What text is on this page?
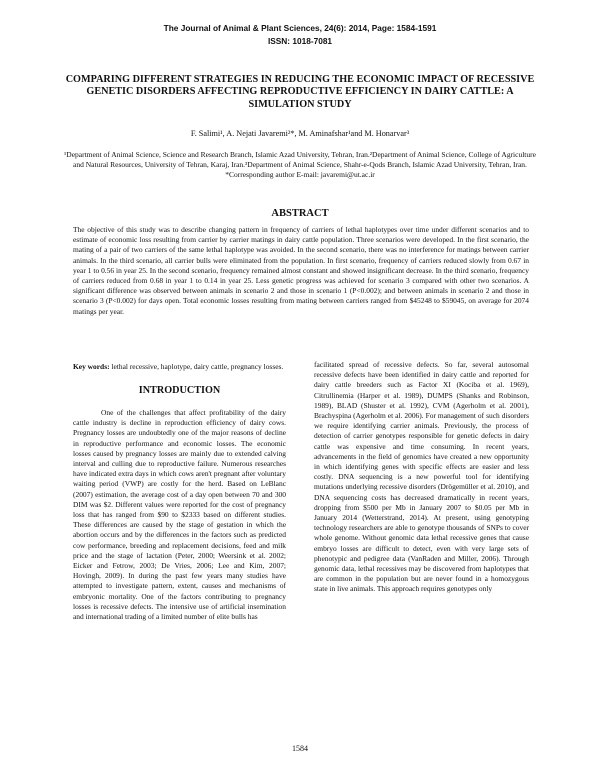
The Journal of Animal & Plant Sciences, 24(6): 2014, Page: 1584-1591
ISSN: 1018-7081
COMPARING DIFFERENT STRATEGIES IN REDUCING THE ECONOMIC IMPACT OF RECESSIVE GENETIC DISORDERS AFFECTING REPRODUCTIVE EFFICIENCY IN DAIRY CATTLE: A SIMULATION STUDY
F. Salimi¹, A. Nejati Javaremi²*, M. Aminafshar¹and M. Honarvar³
¹Department of Animal Science, Science and Research Branch, Islamic Azad University, Tehran, Iran.²Department of Animal Science, College of Agriculture and Natural Resources, University of Tehran, Karaj, Iran.³Department of Animal Science, Shahr-e-Qods Branch, Islamic Azad University, Tehran, Iran.
*Corresponding author E-mail: javaremi@ut.ac.ir
ABSTRACT

The objective of this study was to describe changing pattern in frequency of carriers of lethal haplotypes over time under different scenarios and to estimate of economic loss resulting from carrier by carrier matings in dairy cattle population. Three scenarios were developed. In the first scenario, the mating of a pair of two carriers of the same lethal haplotype was avoided. In the second scenario, there was no interference for matings between carrier animals. In the third scenario, all carrier bulls were eliminated from the population. In first scenario, frequency of carriers reduced slowly from 0.67 in year 1 to 0.56 in year 25. In the second scenario, frequency remained almost constant and showed insignificant decrease. In the third scenario, frequency of carriers reduced from 0.68 in year 1 to 0.14 in year 25. Less genetic progress was achieved for scenario 3 compared with other two scenarios. A significant difference was observed between animals in scenario 2 and those in scenario 1 (P<0.002); and between animals in scenario 2 and those in scenario 3 (P<0.002) for days open. Total economic losses resulting from mating between carriers ranged from $45248 to $59045, on average for 2074 matings per year.

Key words: lethal recessive, haplotype, dairy cattle, pregnancy losses.
INTRODUCTION

One of the challenges that affect profitability of the dairy cattle industry is decline in reproduction efficiency of dairy cows. Pregnancy losses are undoubtedly one of the major reasons of decline in reproductive performance and economic losses. The economic losses caused by pregnancy losses are mainly due to extended calving interval and culling due to reproductive failure. Numerous researches have indicated extra days in which cows aren't pregnant after voluntary waiting period (VWP) are costly for the herd. Based on LeBlanc (2007) estimation, the average cost of a day open between 70 and 300 DIM was $2. Different values were reported for the cost of pregnancy loss that has ranged from $90 to $2333 based on different studies. These differences are caused by the stage of gestation in which the abortion occurs and by the differences in the factors such as predicted cow performance, breeding and replacement decisions, feed and milk price and the stage of lactation (Peter, 2000; Weersink et al. 2002; Eicker and Fetrow, 2003; De Vries, 2006; Lee and Kim, 2007; Hovingh, 2009). In during the past few years many studies have attempted to investigate pattern, extent, causes and mechanisms of embryonic mortality. One of the factors contributing to pregnancy losses is recessive defects. The intensive use of artificial insemination and international trading of a limited number of elite bulls has

facilitated spread of recessive defects. So far, several autosomal recessive defects have been identified in dairy cattle and reported for dairy cattle breeders such as Factor XI (Kociba et al. 1969), Citrullinemia (Harper et al. 1989), DUMPS (Shanks and Robinson, 1989), BLAD (Shuster et al. 1992), CVM (Agerholm et al. 2001), Brachyspina (Agerholm et al. 2006). For management of such disorders we require identifying carrier animals. Previously, the process of detection of carrier genotypes responsible for genetic defects in dairy cattle was expensive and time consuming. In recent years, advancements in the field of genomics have created a new opportunity in which identifying genes with specific effects are easier and less costly. DNA sequencing is a new powerful tool for identifying mutations underlying recessive disorders (Drögemüller et al. 2010), and DNA sequencing costs has decreased dramatically in recent years, dropping from $500 per Mb in January 2007 to $0.05 per Mb in January 2014 (Wetterstrand, 2014). At present, using genotyping technology researchers are able to genotype thousands of SNPs to cover whole genome. Without genomic data lethal recessive genes that cause embryo losses are difficult to detect, even with very large sets of phenotypic and pedigree data (VanRaden and Miller, 2006). Through genomic data, lethal recessives may be discovered from haplotypes that are common in the population but are never found in a homozygous state in live animals. This approach requires genotypes only

1584
